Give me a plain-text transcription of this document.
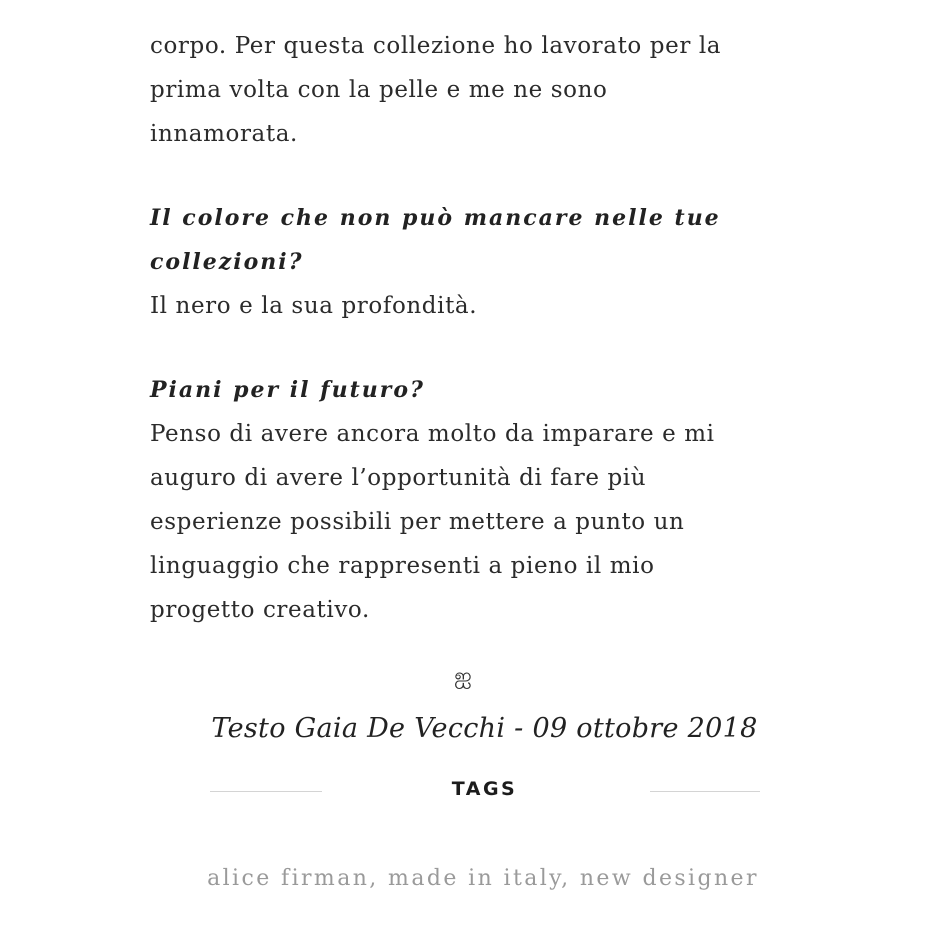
corpo. Per questa collezione ho lavorato per la
prima volta con la pelle e me ne sono
innamorata.

Il colore che non può mancare nelle tue
collezioni?

Il nero e la sua profondità.

Piani per il futuro?

Penso di avere ancora molto da imparare e mi
auguro di avere l’opportunità di fare più
esperienze possibili per mettere a punto un
linguaggio che rappresenti a pieno il mio
progetto creativo.

ஐ
Testo Gaia De Vecchi - 09 ottobre 2018
TAGS
alice firman, made in italy, new designer
